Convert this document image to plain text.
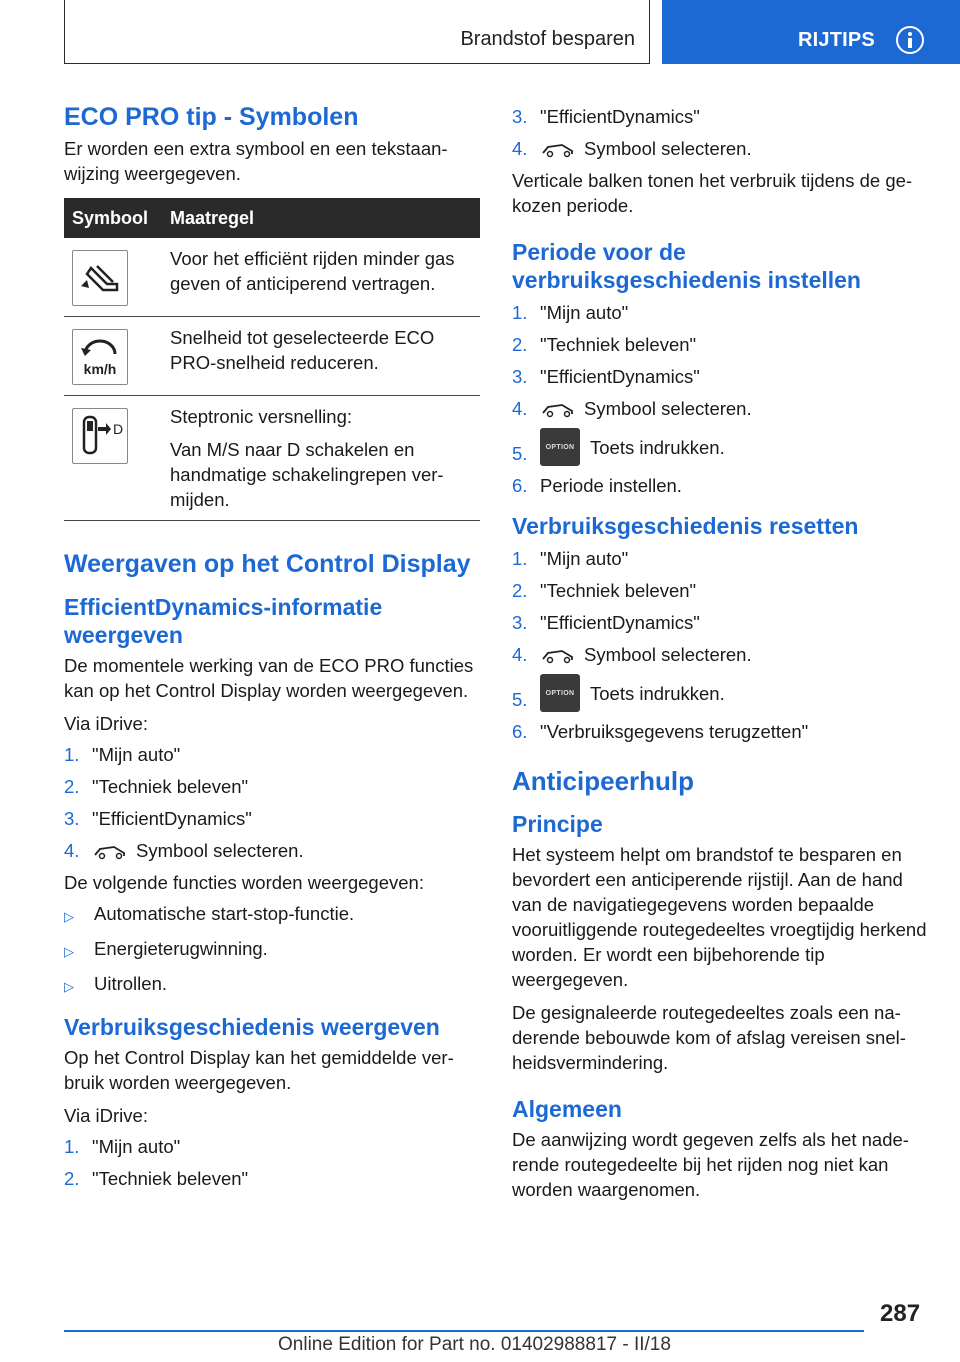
Brandstof besparen	RIJTIPS
ECO PRO tip - Symbolen

Er worden een extra symbool en een tekstaanwijzing weergegeven.

Symbool	Maatregel

	Voor het efficiënt rijden minder gas geven of anticiperend vertragen.

km/h	Snelheid tot geselecteerde ECO PRO-snelheid reduceren.

D	Steptronic versnelling:
Van M/S naar D schakelen en handmatige schakelingrepen vermijden.
Weergaven op het Control Display
EfficientDynamics-informatie weergeven

De momentele werking van de ECO PRO functies kan op het Control Display worden weergegeven.

Via iDrive:

1. "Mijn auto"
2. "Techniek beleven"
3. "EfficientDynamics"
4.	Symbool selecteren.

De volgende functies worden weergegeven:

▷	Automatische start-stop-functie.
▷	Energieterugwinning.
▷	Uitrollen.
Verbruiksgeschiedenis weergeven

Op het Control Display kan het gemiddelde verbruik worden weergegeven.

Via iDrive:

1. "Mijn auto"
2. "Techniek beleven"
3. "EfficientDynamics"
4.	Symbool selecteren.

Verticale balken tonen het verbruik tijdens de gekozen periode.

Periode voor de verbruiksgeschiedenis instellen
1. "Mijn auto"
2. "Techniek beleven"
3. "EfficientDynamics"
4.	Symbool selecteren.
5.	OPTION Toets indrukken.
6. Periode instellen.
Verbruiksgeschiedenis resetten
1. "Mijn auto"
2. "Techniek beleven"
3. "EfficientDynamics"
4.	Symbool selecteren.
5.	OPTION Toets indrukken.
6. "Verbruiksgegevens terugzetten"
Anticipeerhulp
Principe

Het systeem helpt om brandstof te besparen en bevordert een anticiperende rijstijl. Aan de hand van de navigatiegegevens worden bepaalde vooruitliggende routegedeeltes vroegtijdig herkend worden. Er wordt een bijbehorende tip weergegeven.

De gesignaleerde routegedeeltes zoals een naderende bebouwde kom of afslag vereisen snelheidsvermindering.

Algemeen

De aanwijzing wordt gegeven zelfs als het naderende routegedeelte bij het rijden nog niet kan worden waargenomen.

287
Online Edition for Part no. 01402988817 - II/18
